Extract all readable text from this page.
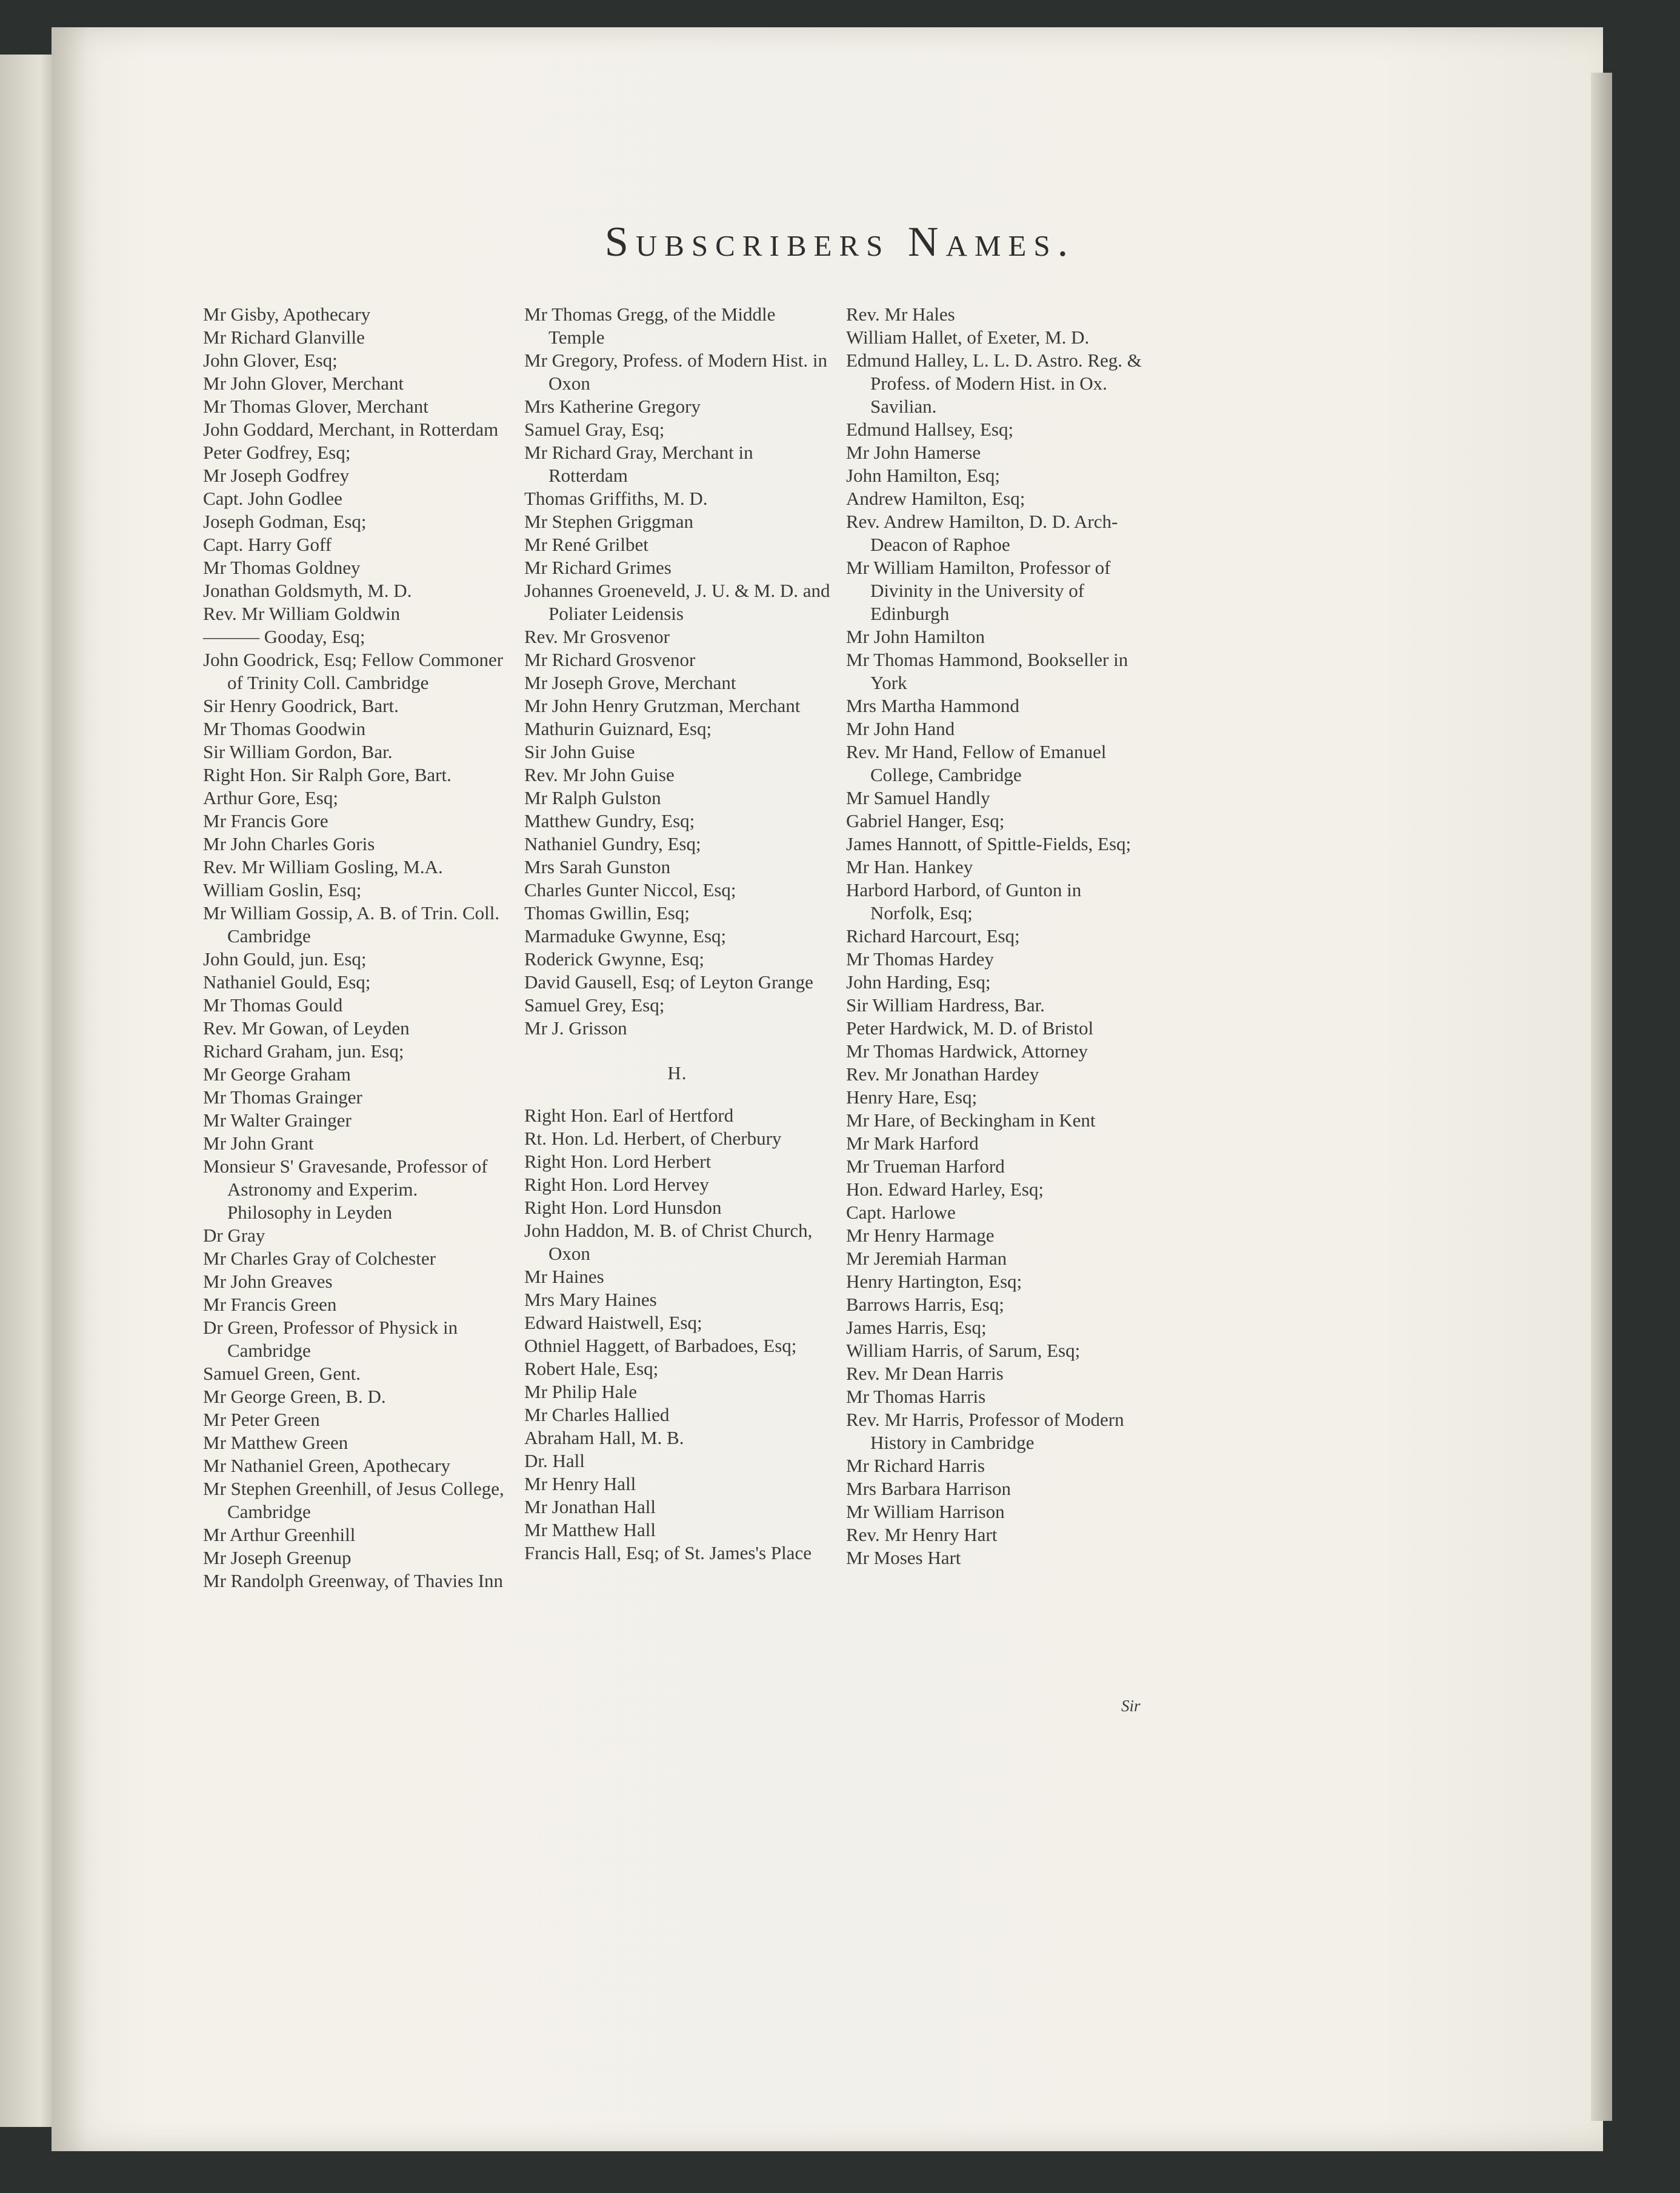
Subscribers Names.
Mr Gisby, Apothecary
Mr Richard Glanville
John Glover, Esq;
Mr John Glover, Merchant
Mr Thomas Glover, Merchant
John Goddard, Merchant, in Rotterdam
Peter Godfrey, Esq;
Mr Joseph Godfrey
Capt. John Godlee
Joseph Godman, Esq;
Capt. Harry Goff
Mr Thomas Goldney
Jonathan Goldsmyth, M. D.
Rev. Mr William Goldwin
——— Gooday, Esq;
John Goodrick, Esq; Fellow Commoner of Trinity Coll. Cambridge
Sir Henry Goodrick, Bart.
Mr Thomas Goodwin
Sir William Gordon, Bar.
Right Hon. Sir Ralph Gore, Bart.
Arthur Gore, Esq;
Mr Francis Gore
Mr John Charles Goris
Rev. Mr William Gosling, M.A.
William Goslin, Esq;
Mr William Gossip, A. B. of Trin. Coll. Cambridge
John Gould, jun. Esq;
Nathaniel Gould, Esq;
Mr Thomas Gould
Rev. Mr Gowan, of Leyden
Richard Graham, jun. Esq;
Mr George Graham
Mr Thomas Grainger
Mr Walter Grainger
Mr John Grant
Monsieur S' Gravesande, Professor of Astronomy and Experim. Philosophy in Leyden
Dr Gray
Mr Charles Gray of Colchester
Mr John Greaves
Mr Francis Green
Dr Green, Professor of Physick in Cambridge
Samuel Green, Gent.
Mr George Green, B. D.
Mr Peter Green
Mr Matthew Green
Mr Nathaniel Green, Apothecary
Mr Stephen Greenhill, of Jesus College, Cambridge
Mr Arthur Greenhill
Mr Joseph Greenup
Mr Randolph Greenway, of Thavies Inn
Mr Thomas Gregg, of the Middle Temple
Mr Gregory, Profess. of Modern Hist. in Oxon
Mrs Katherine Gregory
Samuel Gray, Esq;
Mr Richard Gray, Merchant in Rotterdam
Thomas Griffiths, M. D.
Mr Stephen Griggman
Mr René Grilbet
Mr Richard Grimes
Johannes Groeneveld, J. U. & M. D. and Poliater Leidensis
Rev. Mr Grosvenor
Mr Richard Grosvenor
Mr Joseph Grove, Merchant
Mr John Henry Grutzman, Merchant
Mathurin Guiznard, Esq;
Sir John Guise
Rev. Mr John Guise
Mr Ralph Gulston
Matthew Gundry, Esq;
Nathaniel Gundry, Esq;
Mrs Sarah Gunston
Charles Gunter Niccol, Esq;
Thomas Gwillin, Esq;
Marmaduke Gwynne, Esq;
Roderick Gwynne, Esq;
David Gausell, Esq; of Leyton Grange
Samuel Grey, Esq;
Mr J. Grisson
H.
Right Hon. Earl of Hertford
Rt. Hon. Ld. Herbert, of Cherbury
Right Hon. Lord Herbert
Right Hon. Lord Hervey
Right Hon. Lord Hunsdon
John Haddon, M. B. of Christ Church, Oxon
Mr Haines
Mrs Mary Haines
Edward Haistwell, Esq;
Othniel Haggett, of Barbadoes, Esq;
Robert Hale, Esq;
Mr Philip Hale
Mr Charles Hallied
Abraham Hall, M. B.
Dr. Hall
Mr Henry Hall
Mr Jonathan Hall
Mr Matthew Hall
Francis Hall, Esq; of St. James's Place
Rev. Mr Hales
William Hallet, of Exeter, M. D.
Edmund Halley, L. L. D. Astro. Reg. & Profess. of Modern Hist. in Ox. Savilian.
Edmund Hallsey, Esq;
Mr John Hamerse
John Hamilton, Esq;
Andrew Hamilton, Esq;
Rev. Andrew Hamilton, D. D. Arch-Deacon of Raphoe
Mr William Hamilton, Professor of Divinity in the University of Edinburgh
Mr John Hamilton
Mr Thomas Hammond, Bookseller in York
Mrs Martha Hammond
Mr John Hand
Rev. Mr Hand, Fellow of Emanuel College, Cambridge
Mr Samuel Handly
Gabriel Hanger, Esq;
James Hannott, of Spittle-Fields, Esq;
Mr Han. Hankey
Harbord Harbord, of Gunton in Norfolk, Esq;
Richard Harcourt, Esq;
Mr Thomas Hardey
John Harding, Esq;
Sir William Hardress, Bar.
Peter Hardwick, M. D. of Bristol
Mr Thomas Hardwick, Attorney
Rev. Mr Jonathan Hardey
Henry Hare, Esq;
Mr Hare, of Beckingham in Kent
Mr Mark Harford
Mr Trueman Harford
Hon. Edward Harley, Esq;
Capt. Harlowe
Mr Henry Harmage
Mr Jeremiah Harman
Henry Hartington, Esq;
Barrows Harris, Esq;
James Harris, Esq;
William Harris, of Sarum, Esq;
Rev. Mr Dean Harris
Mr Thomas Harris
Rev. Mr Harris, Professor of Modern History in Cambridge
Mr Richard Harris
Mrs Barbara Harrison
Mr William Harrison
Rev. Mr Henry Hart
Mr Moses Hart
Sir
